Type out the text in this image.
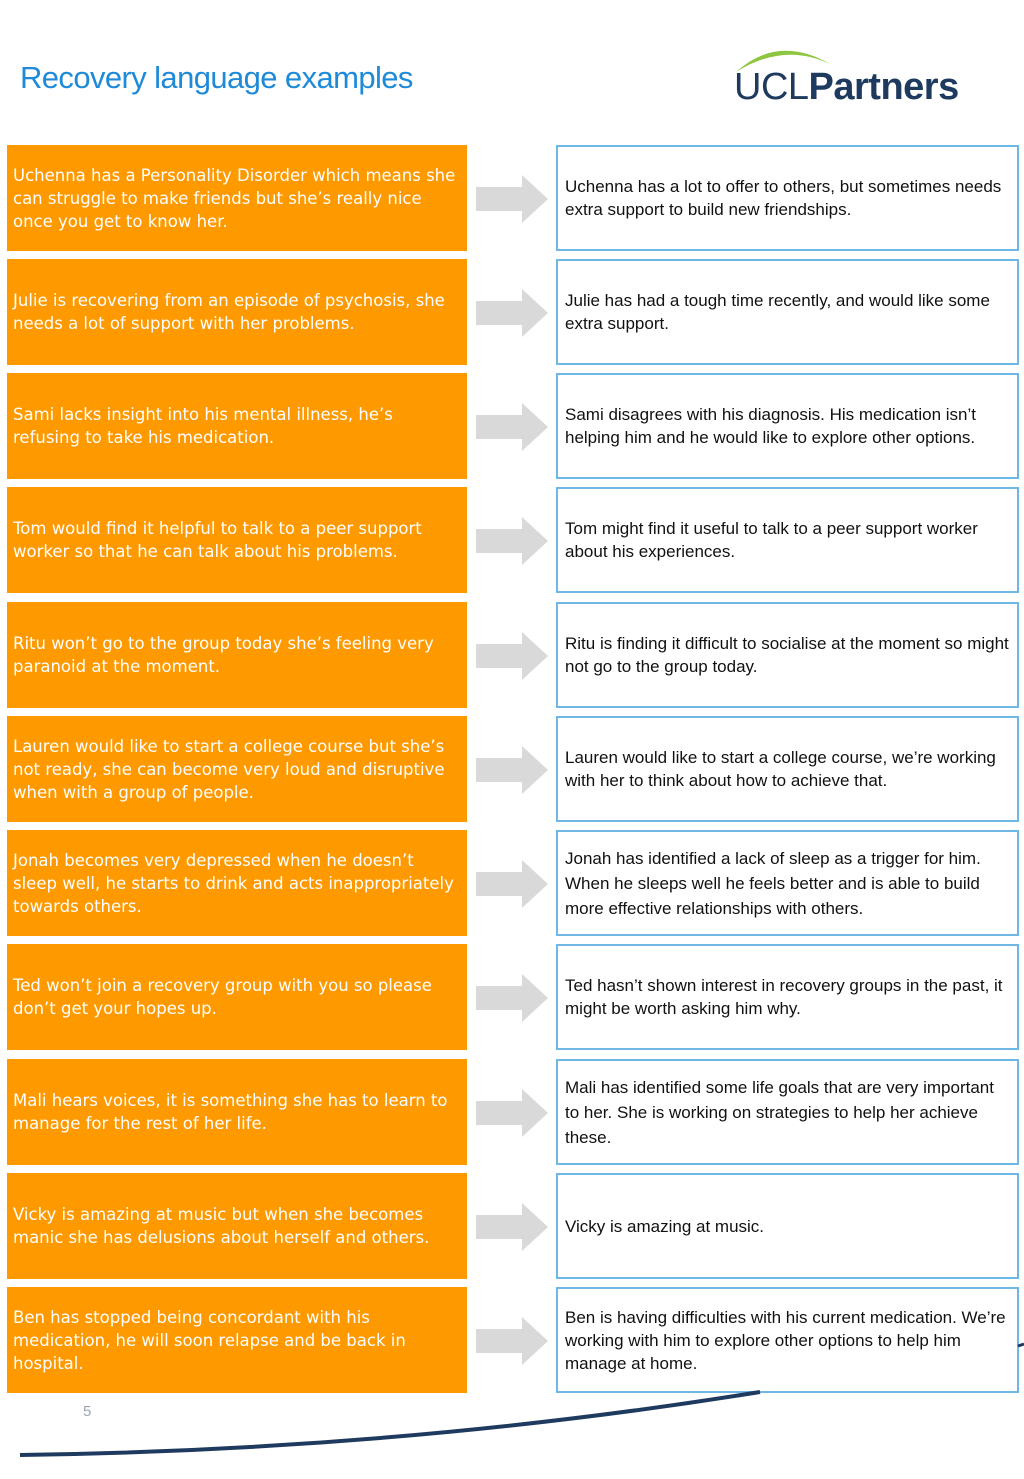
Recovery language examples	UCLPartners
Uchenna has a Personality Disorder which means she can struggle to make friends but she’s really nice once you get to know her.
Uchenna has a lot to offer to others, but sometimes needs extra support to build new friendships.
Julie is recovering from an episode of psychosis, she needs a lot of support with her problems.
Julie has had a tough time recently, and would like some extra support.
Sami lacks insight into his mental illness, he’s refusing to take his medication.
Sami disagrees with his diagnosis. His medication isn’t helping him and he would like to explore other options.
Tom would find it helpful to talk to a peer support worker so that he can talk about his problems.
Tom might find it useful to talk to a peer support worker about his experiences.
Ritu won’t go to the group today she’s feeling very paranoid at the moment.
Ritu is finding it difficult to socialise at the moment so might not go to the group today.
Lauren would like to start a college course but she’s not ready, she can become very loud and disruptive when with a group of people.
Lauren would like to start a college course, we’re working with her to think about how to achieve that.
Jonah becomes very depressed when he doesn’t sleep well, he starts to drink and acts inappropriately towards others.
Jonah has identified a lack of sleep as a trigger for him. When he sleeps well he feels better and is able to build more effective relationships with others.
Ted won’t join a recovery group with you so please don’t get your hopes up.
Ted hasn’t shown interest in recovery groups in the past, it might be worth asking him why.
Mali hears voices, it is something she has to learn to manage for the rest of her life.
Mali has identified some life goals that are very important to her. She is working on strategies to help her achieve these.
Vicky is amazing at music but when she becomes manic she has delusions about herself and others.
Vicky is amazing at music.
Ben has stopped being concordant with his medication, he will soon relapse and be back in hospital.
Ben is having difficulties with his current medication. We’re working with him to explore other options to help him manage at home.
5
